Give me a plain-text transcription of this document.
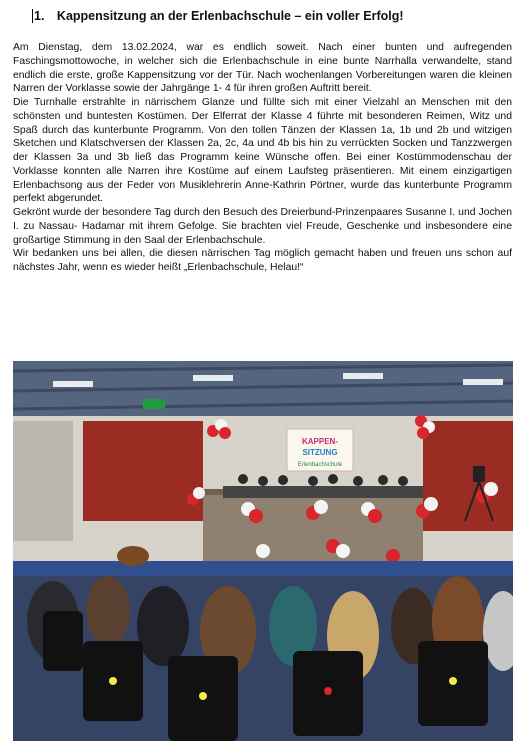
1. Kappensitzung an der Erlenbachschule – ein voller Erfolg!

Am Dienstag, dem 13.02.2024, war es endlich soweit. Nach einer bunten und aufregenden Faschingsmottowoche, in welcher sich die Erlenbachschule in eine bunte Narrhalla verwandelte, stand endlich die erste, große Kappensitzung vor der Tür. Nach wochenlangen Vorbereitungen waren die kleinen Narren der Vorklasse sowie der Jahrgänge 1- 4 für ihren großen Auftritt bereit.

Die Turnhalle erstrahlte in närrischem Glanze und füllte sich mit einer Vielzahl an Menschen mit den schönsten und buntesten Kostümen. Der Elferrat der Klasse 4 führte mit besonderen Reimen, Witz und Spaß durch das kunterbunte Programm. Von den tollen Tänzen der Klassen 1a, 1b und 2b und witzigen Sketchen und Klatschversen der Klassen 2a, 2c, 4a und 4b bis hin zu verrückten Socken und Tanzzwergen der Klassen 3a und 3b ließ das Programm keine Wünsche offen. Bei einer Kostümmodenschau der Vorklasse konnten alle Narren ihre Kostüme auf einem Laufsteg präsentieren. Mit einem einzigartigen Erlenbachsong aus der Feder von Musiklehrerin Anne-Kathrin Pörtner, wurde das kunterbunte Programm perfekt abgerundet.

Gekrönt wurde der besondere Tag durch den Besuch des Dreierbund-Prinzenpaares Susanne I. und Jochen I. zu Nassau- Hadamar mit ihrem Gefolge. Sie brachten viel Freude, Geschenke und insbesondere eine großartige Stimmung in den Saal der Erlenbachschule.

Wir bedanken uns bei allen, die diesen närrischen Tag möglich gemacht haben und freuen uns schon auf nächstes Jahr, wenn es wieder heißt „Erlenbachschule, Helau!“

KAPPEN-
SITZUNG
Erlenbachschule
